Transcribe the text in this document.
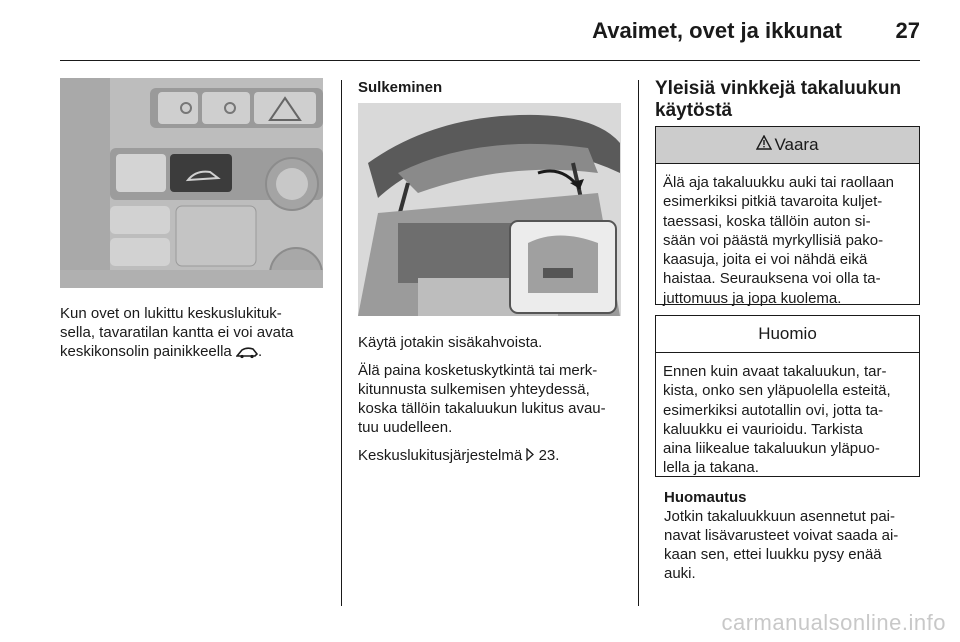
Avaimet, ovet ja ikkunat 27
Kun ovet on lukittu keskuslukituk-
sella, tavaratilan kantta ei voi avata
keskikonsolin painikkeella .
Sulkeminen

Käytä jotakin sisäkahvoista.

Älä paina kosketuskytkintä tai merk-
kitunnusta sulkemisen yhteydessä,
koska tällöin takaluukun lukitus avau-
tuu uudelleen.

Keskuslukitusjärjestelmä 23.

Yleisiä vinkkejä takaluukun
käytöstä
Vaara
Älä aja takaluukku auki tai raollaan
esimerkiksi pitkiä tavaroita kuljet-
taessasi, koska tällöin auton si-
sään voi päästä myrkyllisiä pako-
kaasuja, joita ei voi nähdä eikä
haistaa. Seurauksena voi olla ta-
juttomuus ja jopa kuolema.
Huomio
Ennen kuin avaat takaluukun, tar-
kista, onko sen yläpuolella esteitä,
esimerkiksi autotallin ovi, jotta ta-
kaluukku ei vaurioidu. Tarkista
aina liikealue takaluukun yläpuo-
lella ja takana.
Huomautus
Jotkin takaluukkuun asennetut pai-
navat lisävarusteet voivat saada ai-
kaan sen, ettei luukku pysy enää
auki.
carmanualsonline.info
